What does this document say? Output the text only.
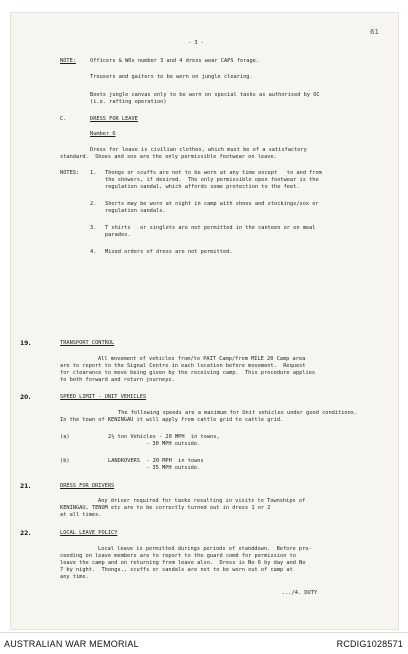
61
- 3 -
NOTE:	Officers & WOs number 3 and 4 dress wear CAPS forage.
Trousers and gaiters to be worn on jungle clearing.
Boots jungle canvas only to be worn on special tasks as authorised by OC
(i.e. rafting operation)
C.	DRESS FOR LEAVE
Number 6
Dress for leave is civilian clothes, which must be of a satisfactory
standard.  Shoes and sox are the only permissible footwear on leave.
NOTES: 1. Thongs or scuffs are not to be worn at any time except   to and from
the showers, if desired.  The only permissible open footwear is the
regulation sandal, which affords some protection to the feet.
2. Shorts may be worn at night in camp with shoes and stockings/sox or
regulation sandals.
3. T shirts   or singlets are not permitted in the canteen or on meal
parades.
4. Mixed orders of dress are not permitted.
19.	TRANSPORT CONTROL
All movement of vehicles from/to PAIT Camp/from MILE 20 Camp area
are to report to the Signal Centre in each location before movement.  Request
for clearance to move being given by the receiving camp.  This procedure applies
to both forward and return journeys.
20.	SPEED LIMIT - UNIT VEHICLES
The following speeds are a maximum for Unit vehicles under good conditions.
In the town of KENINGAU it will apply from cattle grid to cattle grid.
(a)	2½ ton Vehicles - 20 MPH  in towns,
- 30 MPH outside.
(b)	LANDROVERS  - 20 MPH  in towns
- 35 MPH outside.
21.	DRESS FOR DRIVERS
Any driver required for tasks resulting in visits to Townships of
KENINGAU, TENOM etc are to be correctly turned out in dress 1 or 2
at all times.
22.	LOCAL LEAVE POLICY
Local leave is permitted durings periods of standdown.  Before pro-
ceeding on leave members are to report to the guard comd for permission to
leave the camp and on returning from leave also.  Dress is No 6 by day and No
7 by night.  Thongs., scuffs or sandals are not to be worn out of camp at
any time.
.../4. DUTY
AUSTRALIAN WAR MEMORIAL	RCDIG1028571
